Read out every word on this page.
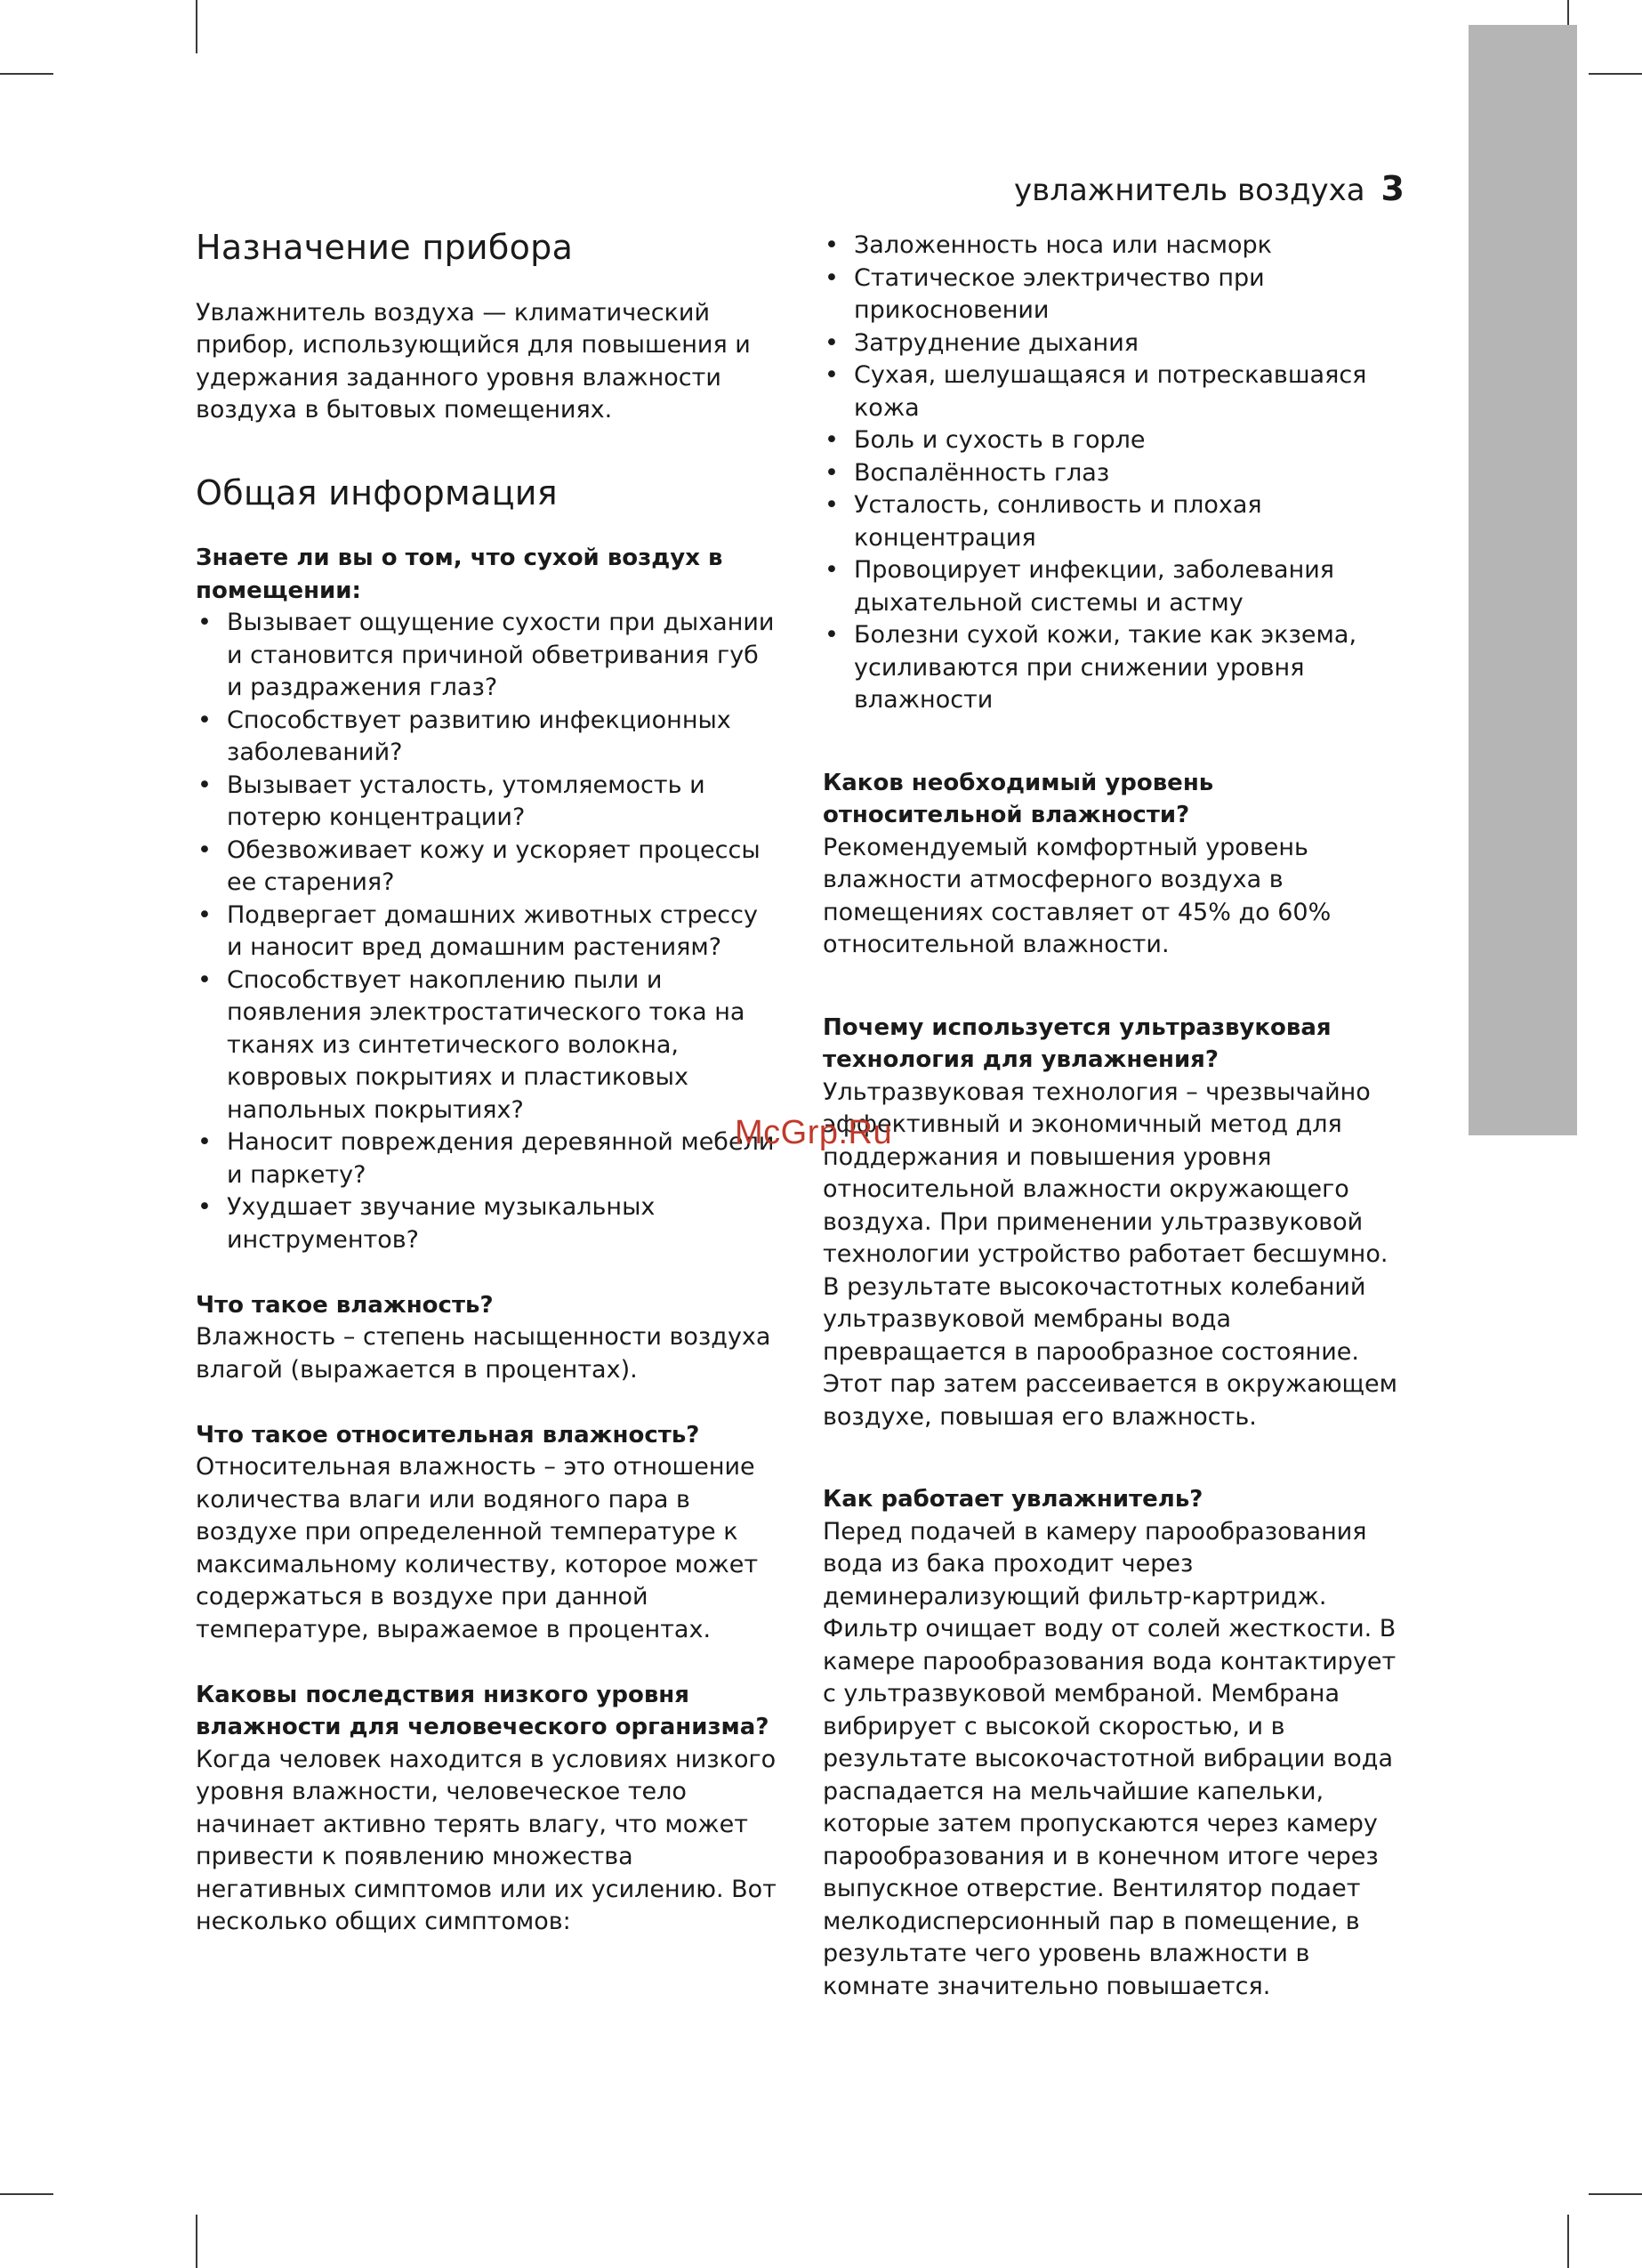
увлажнитель воздуха 3
Назначение прибора

Увлажнитель воздуха — климатический прибор, использующийся для повышения и удержания заданного уровня влажности воздуха в бытовых помещениях.

Общая информация

Знаете ли вы о том, что сухой воздух в помещении:

• Вызывает ощущение сухости при дыхании и становится причиной обветривания губ и раздражения глаз?
• Способствует развитию инфекционных заболеваний?
• Вызывает усталость, утомляемость и потерю концентрации?
• Обезвоживает кожу и ускоряет процессы ее старения?
• Подвергает домашних животных стрессу и наносит вред домашним растениям?
• Способствует накоплению пыли и появления электростатического тока на тканях из синтетического волокна, ковровых покрытиях и пластиковых напольных покрытиях?
• Наносит повреждения деревянной мебели и паркету?
• Ухудшает звучание музыкальных инструментов?

Что такое влажность?

Влажность – степень насыщенности воздуха влагой (выражается в процентах).

Что такое относительная влажность?

Относительная влажность – это отношение количества влаги или водяного пара в воздухе при определенной температуре к максимальному количеству, которое может содержаться в воздухе при данной температуре, выражаемое в процентах.

Каковы последствия низкого уровня влажности для человеческого организма?

Когда человек находится в условиях низкого уровня влажности, человеческое тело начинает активно терять влагу, что может привести к появлению множества негативных симптомов или их усилению. Вот несколько общих симптомов:

• Заложенность носа или насморк
• Статическое электричество при прикосновении
• Затруднение дыхания
• Сухая, шелушащаяся и потрескавшаяся кожа
• Боль и сухость в горле
• Воспалённость глаз
• Усталость, сонливость и плохая концентрация
• Провоцирует инфекции, заболевания дыхательной системы и астму
• Болезни сухой кожи, такие как экзема, усиливаются при снижении уровня влажности

Каков необходимый уровень относительной влажности?

Рекомендуемый комфортный уровень влажности атмосферного воздуха в помещениях составляет от 45% до 60% относительной влажности.

Почему используется ультразвуковая технология для увлажнения?

Ультразвуковая технология – чрезвычайно эффективный и экономичный метод для поддержания и повышения уровня относительной влажности окружающего воздуха. При применении ультразвуковой технологии устройство работает бесшумно. В результате высокочастотных колебаний ультразвуковой мембраны вода превращается в парообразное состояние. Этот пар затем рассеивается в окружающем воздухе, повышая его влажность.

Как работает увлажнитель?

Перед подачей в камеру парообразования вода из бака проходит через деминерализующий фильтр-картридж. Фильтр очищает воду от солей жесткости. В камере парообразования вода контактирует с ультразвуковой мембраной. Мембрана вибрирует с высокой скоростью, и в результате высокочастотной вибрации вода распадается на мельчайшие капельки, которые затем пропускаются через камеру парообразования и в конечном итоге через выпускное отверстие. Вентилятор подает мелкодисперсионный пар в помещение, в результате чего уровень влажности в комнате значительно повышается.

McGrp.Ru
